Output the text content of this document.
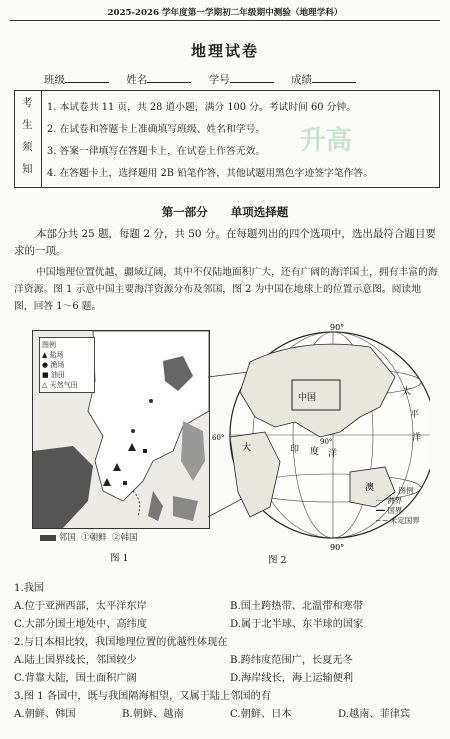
2025-2026 学年度第一学期初二年级期中测验（地理学科）
地理试卷
班级	姓名	学号	成绩
考
生
须
知
1. 本试卷共 11 页，共 28 道小题，满分 100 分。考试时间 60 分钟。
2. 在试卷和答题卡上准确填写班级、姓名和学号。
3. 答案一律填写在答题卡上，在试卷上作答无效。
4. 在答题卡上，选择题用 2B 铅笔作答，其他试题用黑色字迹签字笔作答。
升高
第一部分　　单项选择题
本部分共 25 题，每题 2 分，共 50 分。在每题列出的四个选项中，选出最符合题目要求的一项。
中国地理位置优越，疆域辽阔，其中不仅陆地面积广大，还有广阔的海洋国土，拥有丰富的海洋资源。图 1 示意中国主要海洋资源分布及邻国，图 2 为中国在地球上的位置示意图。阅读地图，回答 1～6 题。
图例
▲ 盐场
● 渔场
■ 油田
△ 天然气田
邻国 ①朝鲜 ②韩国
图 1
90°
90°
60°	90°
中国
太
平
洋
大	印 度 洋
澳	图例
┈┈ 洲界
━━ 国界
─ ─ 未定国界
图 2
1.我国
A.位于亚洲西部，太平洋东岸	B.国土跨热带、北温带和寒带
C.大部分国土地处中、高纬度	D.属于北半球、东半球的国家
2.与日本相比较，我国地理位置的优越性体现在
A.陆上国界线长，邻国较少	B.跨纬度范围广，长夏无冬
C.背靠大陆，国土面积广阔	D.海岸线长，海上运输便利
3.图 1 各国中，既与我国隔海相望，又属于陆上邻国的有
A.朝鲜、韩国	B.朝鲜、越南	C.朝鲜、日本	D.越南、菲律宾
